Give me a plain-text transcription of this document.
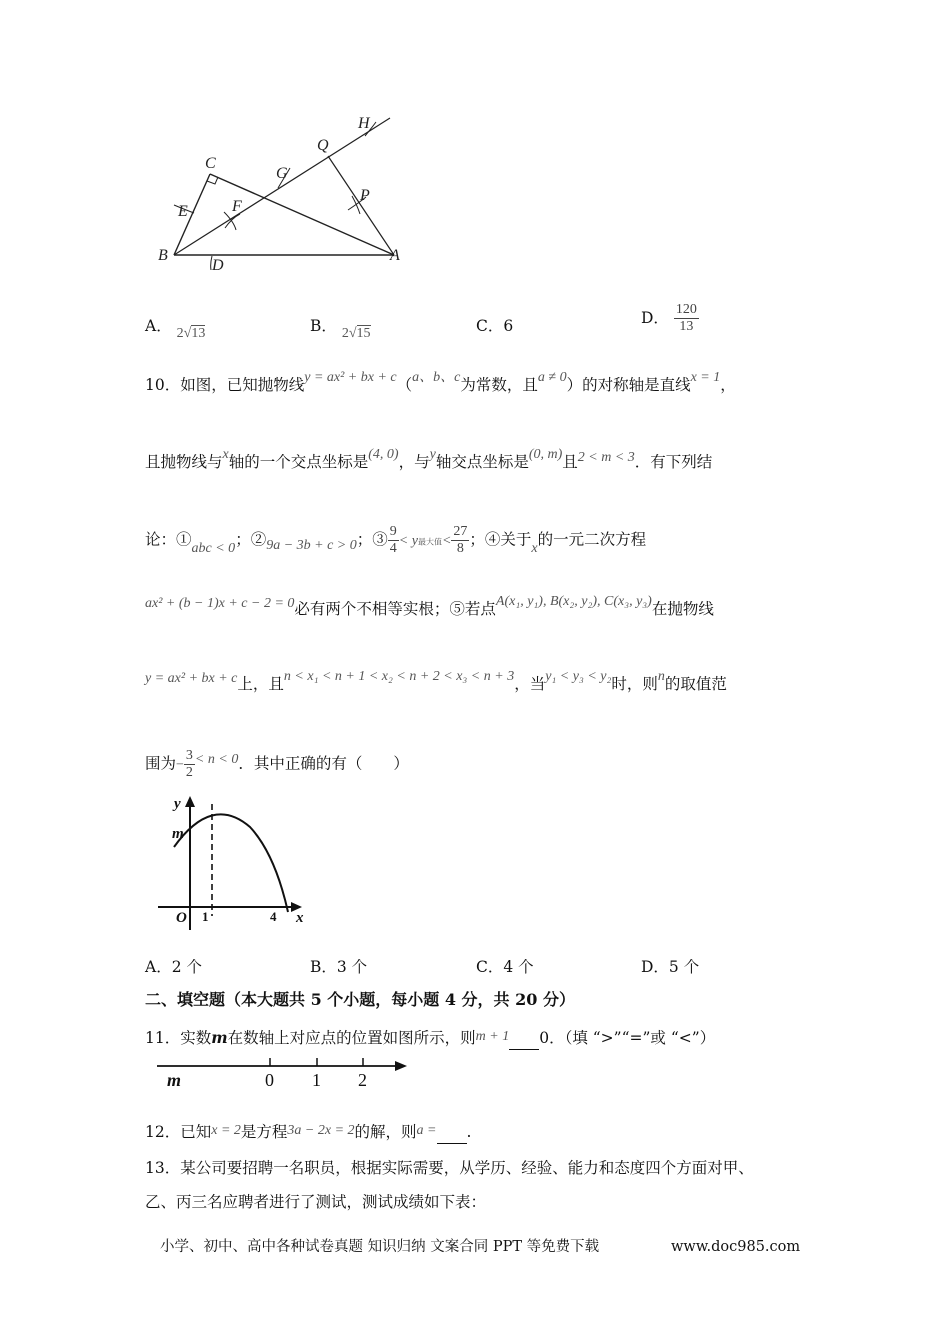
H
Q
C
G
E	F
P
B
D
A
A． 2√13	B． 2√15	C．6	D． $\frac{120}{13}$
10．如图，已知抛物线y = ax² + bx + c（a、b、c为常数，且a ≠ 0）的对称轴是直线x = 1，
且抛物线与x轴的一个交点坐标是(4, 0)，与y轴交点坐标是(0, m)且2 < m < 3．有下列结
论：①abc < 0；②9a − 3b + c > 0；③ $\frac{9}{4} < y$最大值< $\frac{27}{8}$ ；④关于x的一元二次方程
ax² + (b − 1)x + c − 2 = 0必有两个不相等实根；⑤若点A(x₁, y₁), B(x₂, y₂), C(x₃, y₃)在抛物线
y = ax² + bx + c上，且n < x₁ < n + 1 < x₂ < n + 2 < x₃ < n + 3，当y₁ < y₃ < y₂时，则n的取值范
围为− $\frac{3}{2} < n < 0$．其中正确的有（　　）
y
m
O 1	4 x
A．2 个	B．3 个	C．4 个	D．5 个
二、填空题（本大题共 5 个小题，每小题 4 分，共 20 分）
11．实数m在数轴上对应点的位置如图所示，则m + 1 0．（填 “>”“=”或 “<”）
m	0 1 2
12．已知x = 2是方程3a − 2x = 2的解，则a = .
13．某公司要招聘一名职员，根据实际需要，从学历、经验、能力和态度四个方面对甲、
乙、丙三名应聘者进行了测试，测试成绩如下表：
小学、初中、高中各种试卷真题 知识归纳 文案合同 PPT 等免费下载	www.doc985.com
